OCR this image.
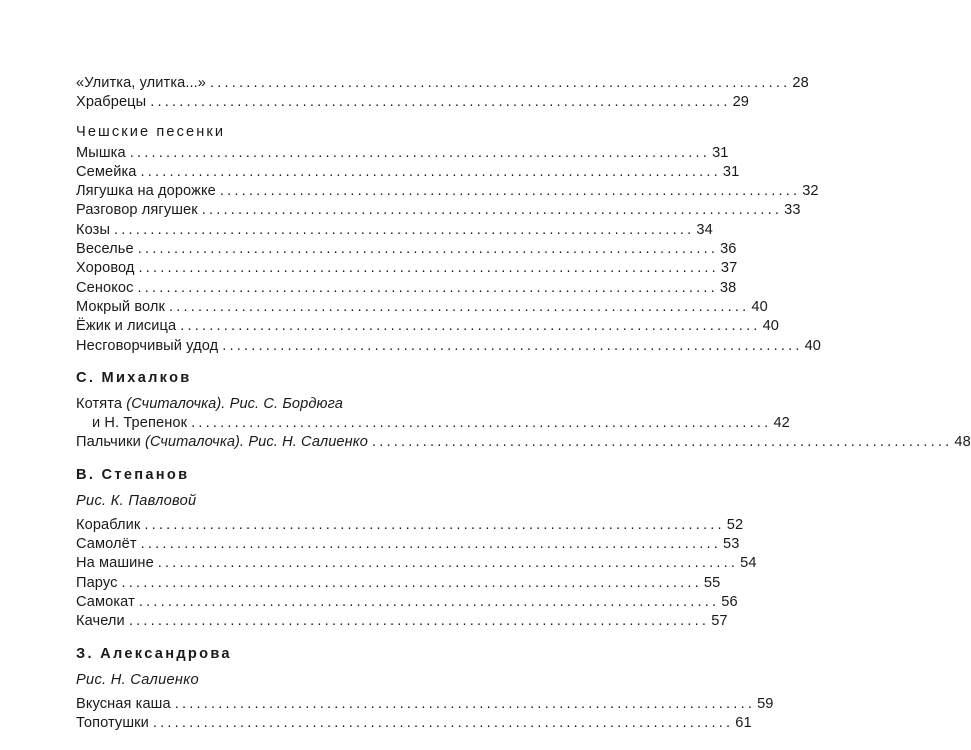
«Улитка, улитка...» ................................................................................ 28
Храбрецы ................................................................................ 29
Чешские песенки
Мышка ................................................................................ 31
Семейка ................................................................................ 31
Лягушка на дорожке ................................................................................ 32
Разговор лягушек ................................................................................ 33
Козы ................................................................................ 34
Веселье ................................................................................ 36
Хоровод ................................................................................ 37
Сенокос ................................................................................ 38
Мокрый волк ................................................................................ 40
Ёжик и лисица ................................................................................ 40
Несговорчивый удод ................................................................................ 40
С. Михалков
Котята (Считалочка). Рис. С. Бордюга
и Н. Трепенок ................................................................................ 42
Пальчики (Считалочка). Рис. Н. Салиенко ................................................................................ 48
В. Степанов
Рис. К. Павловой
Кораблик ................................................................................ 52
Самолёт ................................................................................ 53
На машине ................................................................................ 54
Парус ................................................................................ 55
Самокат ................................................................................ 56
Качели ................................................................................ 57
З. Александрова
Рис. Н. Салиенко
Вкусная каша ................................................................................ 59
Топотушки ................................................................................ 61
